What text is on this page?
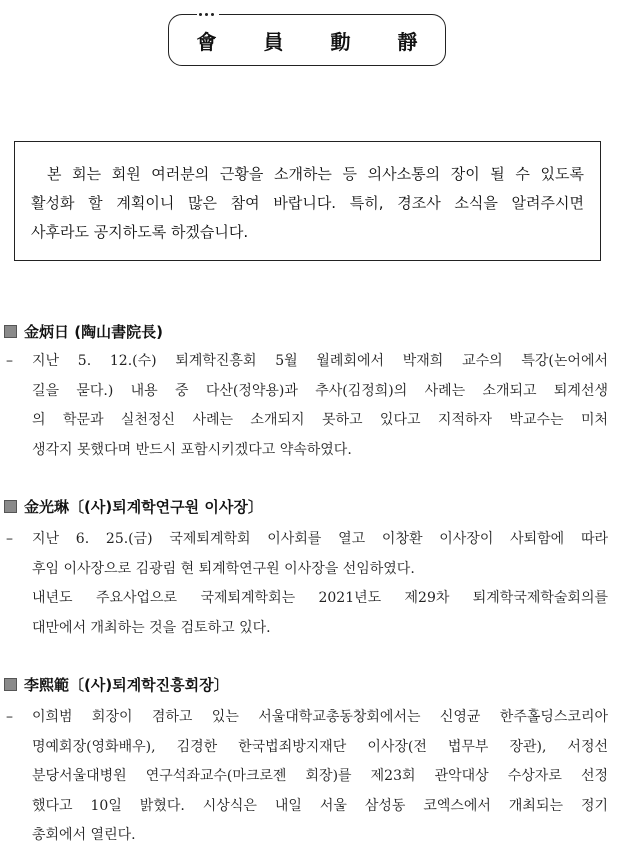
會 員 動 靜
본 회는 회원 여러분의 근황을 소개하는 등 의사소통의 장이 될 수 있도록
활성화 할 계획이니 많은 참여 바랍니다. 특히, 경조사 소식을 알려주시면
사후라도 공지하도록 하겠습니다.
金炳日 (陶山書院長)
– 지난 5. 12.(수) 퇴계학진흥회 5월 월례회에서 박재희 교수의 특강(논어에서
길을 묻다.) 내용 중 다산(정약용)과 추사(김정희)의 사례는 소개되고 퇴계선생
의 학문과 실천정신 사례는 소개되지 못하고 있다고 지적하자 박교수는 미처
생각지 못했다며 반드시 포함시키겠다고 약속하였다.
金光琳〔(사)퇴계학연구원 이사장〕
– 지난 6. 25.(금) 국제퇴계학회 이사회를 열고 이창환 이사장이 사퇴함에 따라
후임 이사장으로 김광림 현 퇴계학연구원 이사장을 선임하였다.
내년도 주요사업으로 국제퇴계학회는 2021년도 제29차 퇴계학국제학술회의를
대만에서 개최하는 것을 검토하고 있다.
李熙範〔(사)퇴계학진흥회장〕
– 이희범 회장이 겸하고 있는 서울대학교총동창회에서는 신영균 한주홀딩스코리아
명예회장(영화배우), 김경한 한국법죄방지재단 이사장(전 법무부 장관), 서정선
분당서울대병원 연구석좌교수(마크로젠 회장)를 제23회 관악대상 수상자로 선정
했다고 10일 밝혔다. 시상식은 내일 서울 삼성동 코엑스에서 개최되는 정기
총회에서 열린다.
